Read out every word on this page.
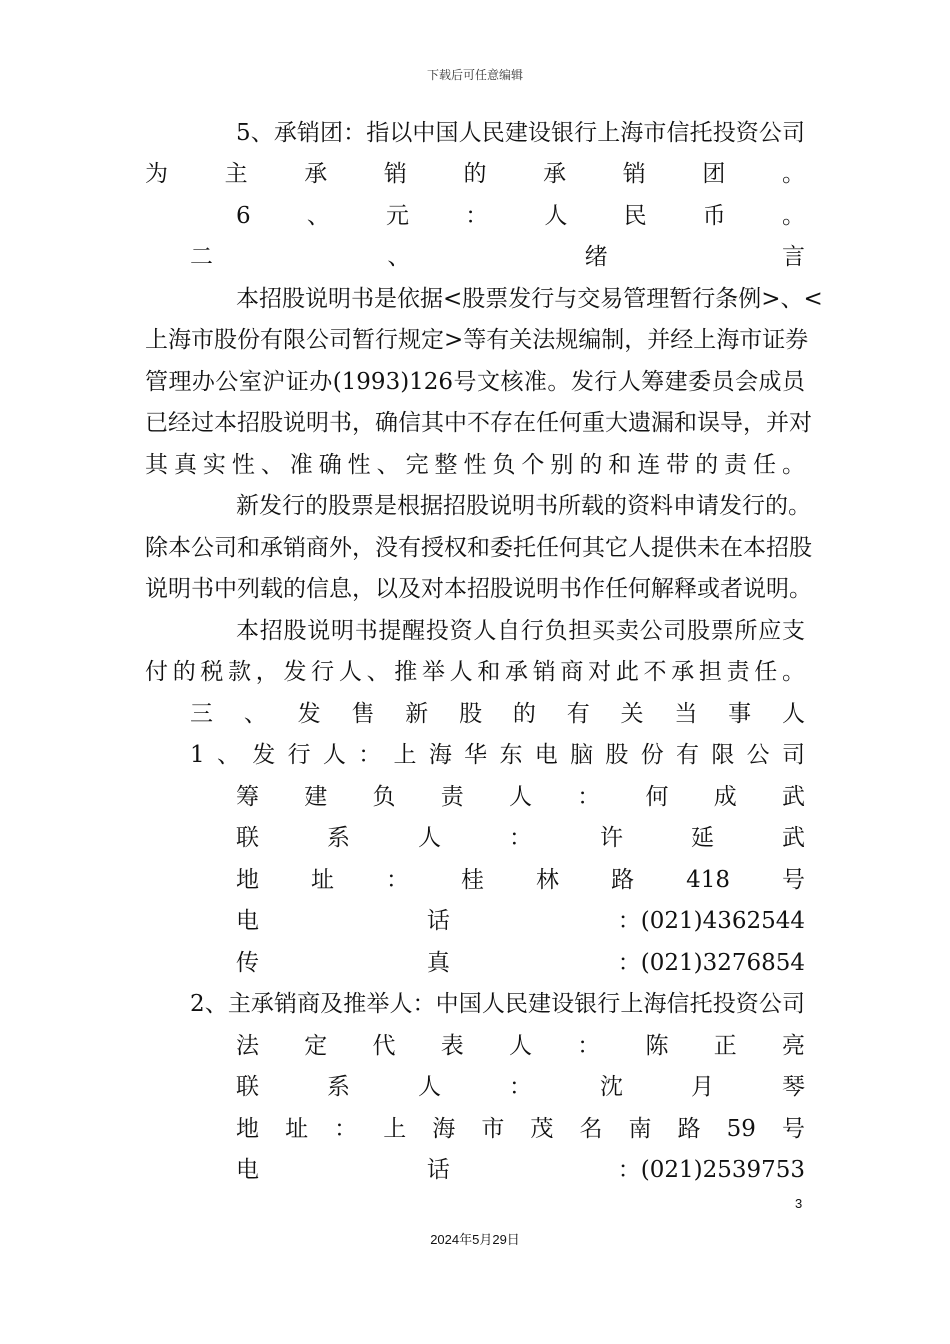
下载后可任意编辑
5、承销团：指以中国人民建设银行上海市信托投资公司
为主承销的承销团。
6、元：人民币。
二、绪言
本招股说明书是依据<股票发行与交易管理暂行条例>、<
上海市股份有限公司暂行规定>等有关法规编制，并经上海市证券
管理办公室沪证办(1993)126号文核准。发行人筹建委员会成员
已经过本招股说明书，确信其中不存在任何重大遗漏和误导，并对
其真实性、准确性、完整性负个别的和连带的责任。
新发行的股票是根据招股说明书所载的资料申请发行的。
除本公司和承销商外，没有授权和委托任何其它人提供未在本招股
说明书中列载的信息，以及对本招股说明书作任何解释或者说明。
本招股说明书提醒投资人自行负担买卖公司股票所应支
付的税款，发行人、推举人和承销商对此不承担责任。
三、发售新股的有关当事人
1、发行人：上海华东电脑股份有限公司
筹建负责人：何成武
联系人：许延武
地址：桂林路418号
电	话	：(021)4362544
传	真	：(021)3276854
2、主承销商及推举人：中国人民建设银行上海信托投资公司
法定代表人：陈正亮
联系人：沈月琴
地址：上海市茂名南路59号
电	话	：(021)2539753
3
2024年5月29日
